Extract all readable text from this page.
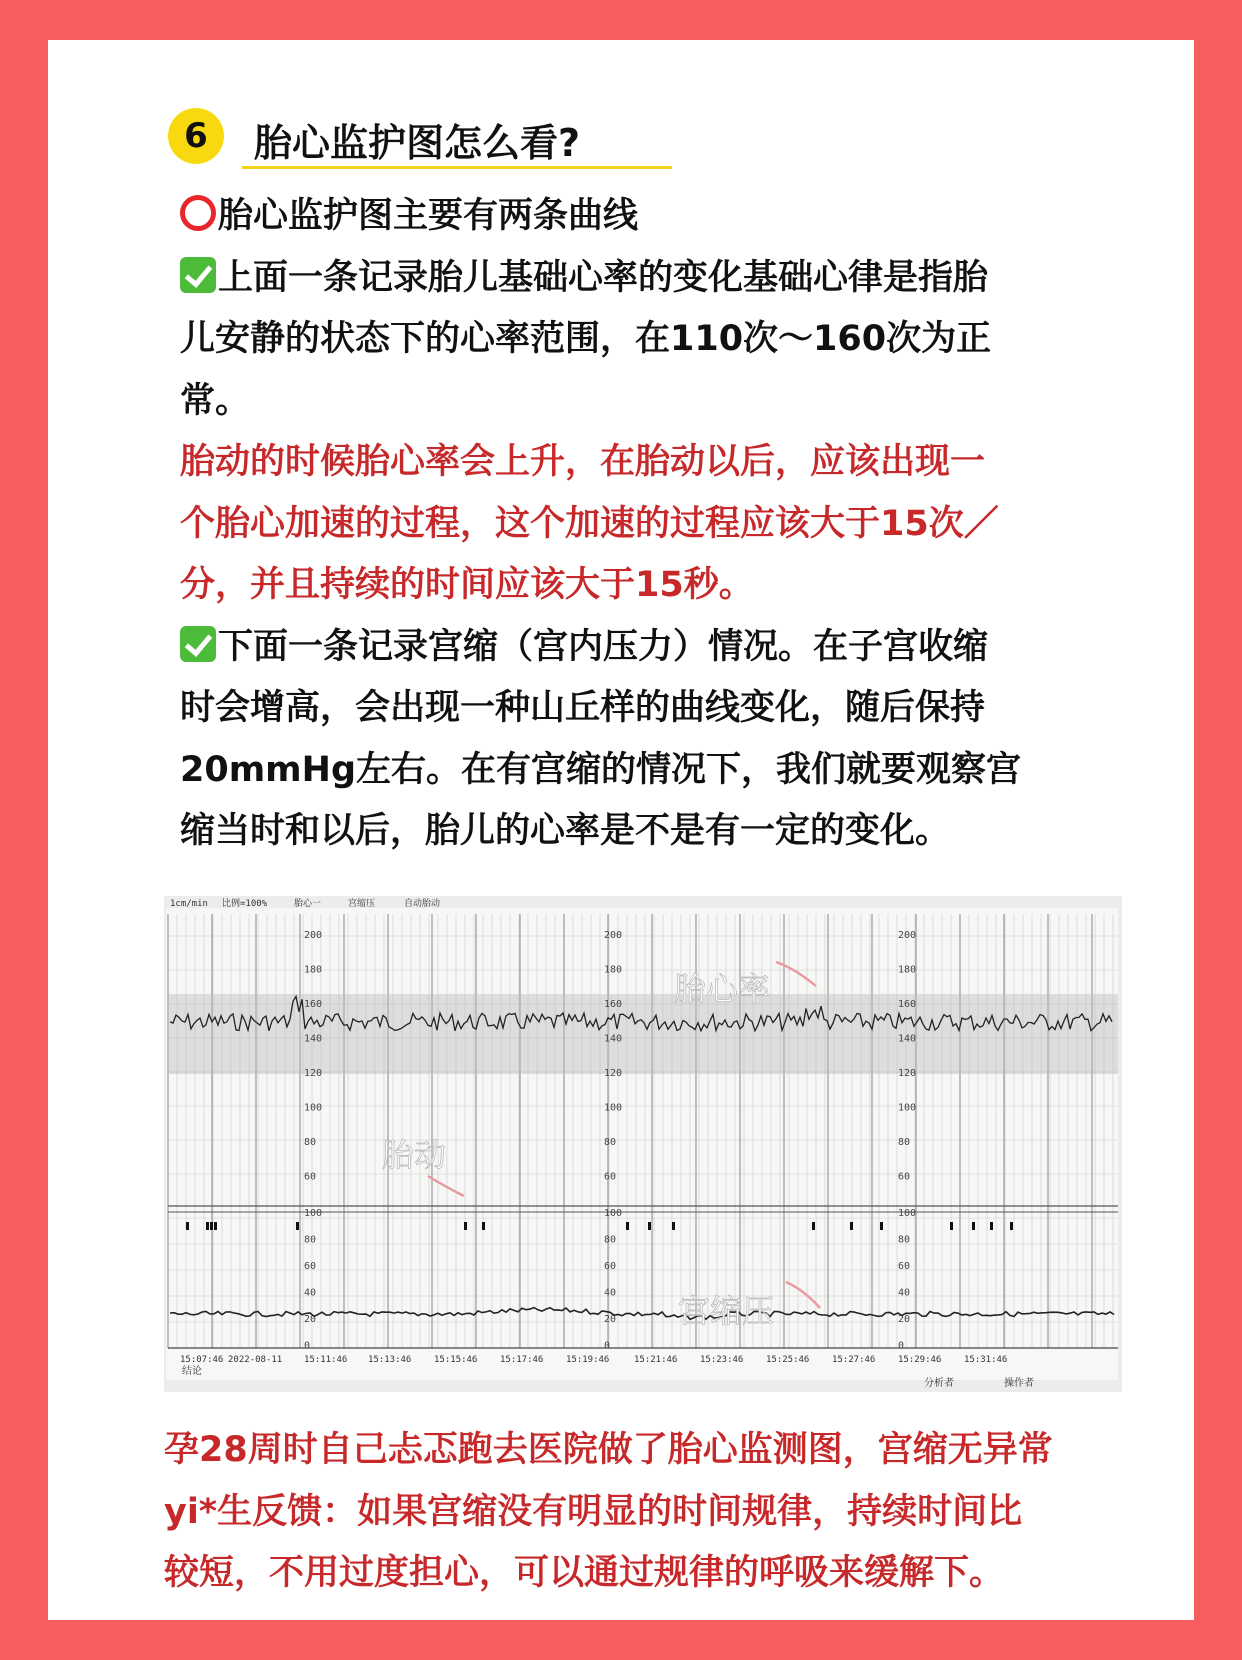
6	胎心监护图怎么看?
胎心监护图主要有两条曲线
上面一条记录胎儿基础心率的变化基础心律是指胎
儿安静的状态下的心率范围，在110次～160次为正
常。
胎动的时候胎心率会上升，在胎动以后，应该出现一
个胎心加速的过程，这个加速的过程应该大于15次／
分，并且持续的时间应该大于15秒。
下面一条记录宫缩（宫内压力）情况。在子宫收缩
时会增高，会出现一种山丘样的曲线变化，随后保持
20mmHg左右。在有宫缩的情况下，我们就要观察宫
缩当时和以后，胎儿的心率是不是有一定的变化。
1cm/min 比例=100%	胎心一	宫缩压	自动胎动
200
180
160
140
120
100
80
60
200
180
160
140
120
100
80
60
200
180
160
140
120
100
80
60
100
80
60
40
20
0
100
80
60
40
20
0
100
80
60
40
20
0
15:07:46 2022-08-11 15:11:46 15:13:46	15:15:46	15:17:46	15:19:46	15:21:46	15:23:46	15:25:46	15:27:46	15:29:46	15:31:46
结论
分析者	操作者
胎心率
胎动
宫缩压
孕28周时自己忐忑跑去医院做了胎心监测图，宫缩无异常
yi*生反馈：如果宫缩没有明显的时间规律，持续时间比
较短，不用过度担心，可以通过规律的呼吸来缓解下。
